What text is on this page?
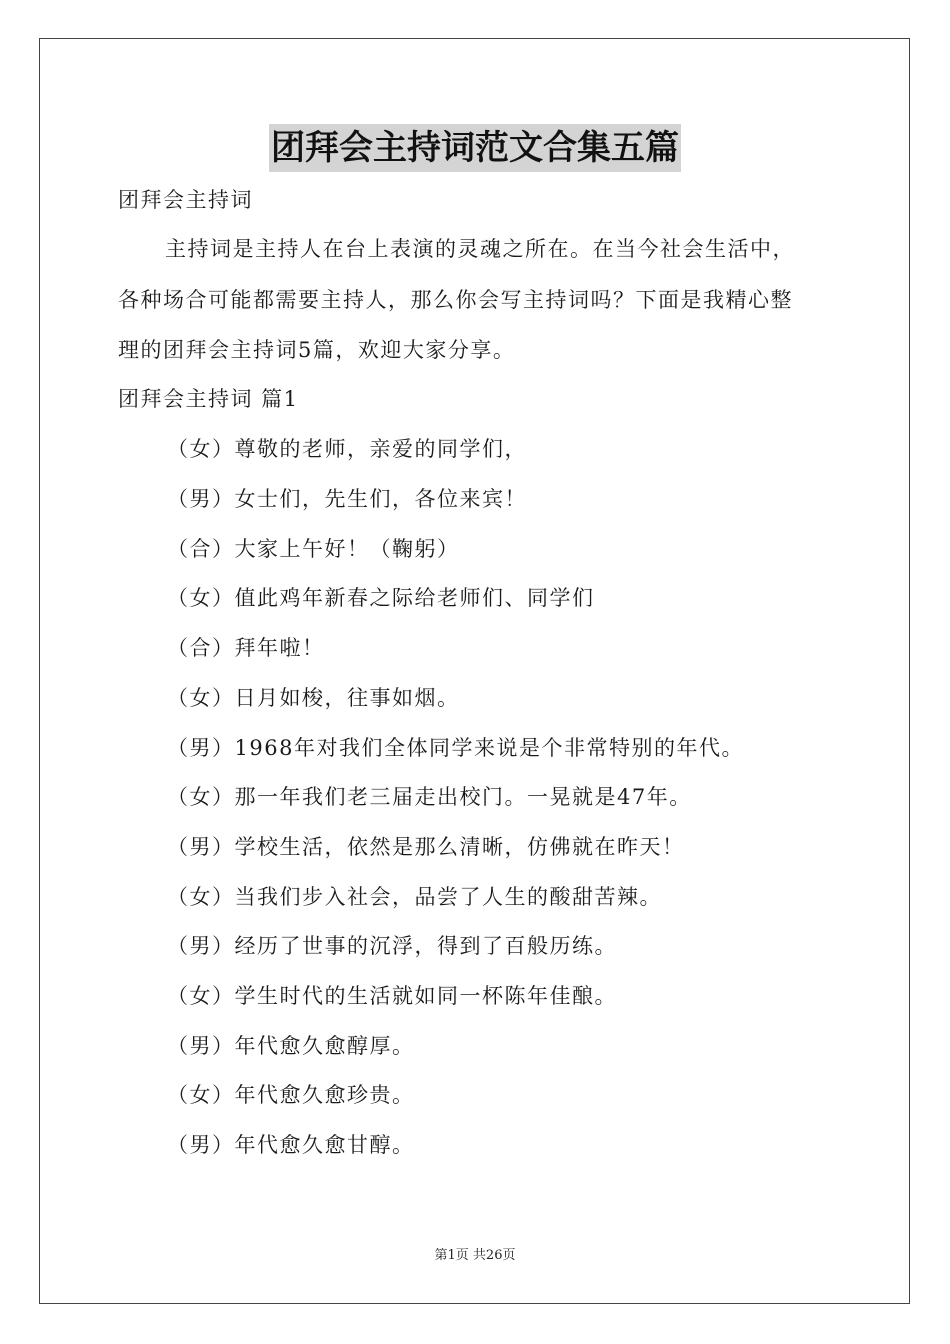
团拜会主持词范文合集五篇
团拜会主持词
主持词是主持人在台上表演的灵魂之所在。在当今社会生活中，
各种场合可能都需要主持人，那么你会写主持词吗？下面是我精心整
理的团拜会主持词5篇，欢迎大家分享。
团拜会主持词 篇1
（女）尊敬的老师，亲爱的同学们，
（男）女士们，先生们，各位来宾！
（合）大家上午好！（鞠躬）
（女）值此鸡年新春之际给老师们、同学们
（合）拜年啦！
（女）日月如梭，往事如烟。
（男）1968年对我们全体同学来说是个非常特别的年代。
（女）那一年我们老三届走出校门。一晃就是47年。
（男）学校生活，依然是那么清晰，仿佛就在昨天！
（女）当我们步入社会，品尝了人生的酸甜苦辣。
（男）经历了世事的沉浮，得到了百般历练。
（女）学生时代的生活就如同一杯陈年佳酿。
（男）年代愈久愈醇厚。
（女）年代愈久愈珍贵。
（男）年代愈久愈甘醇。
第1页 共26页
